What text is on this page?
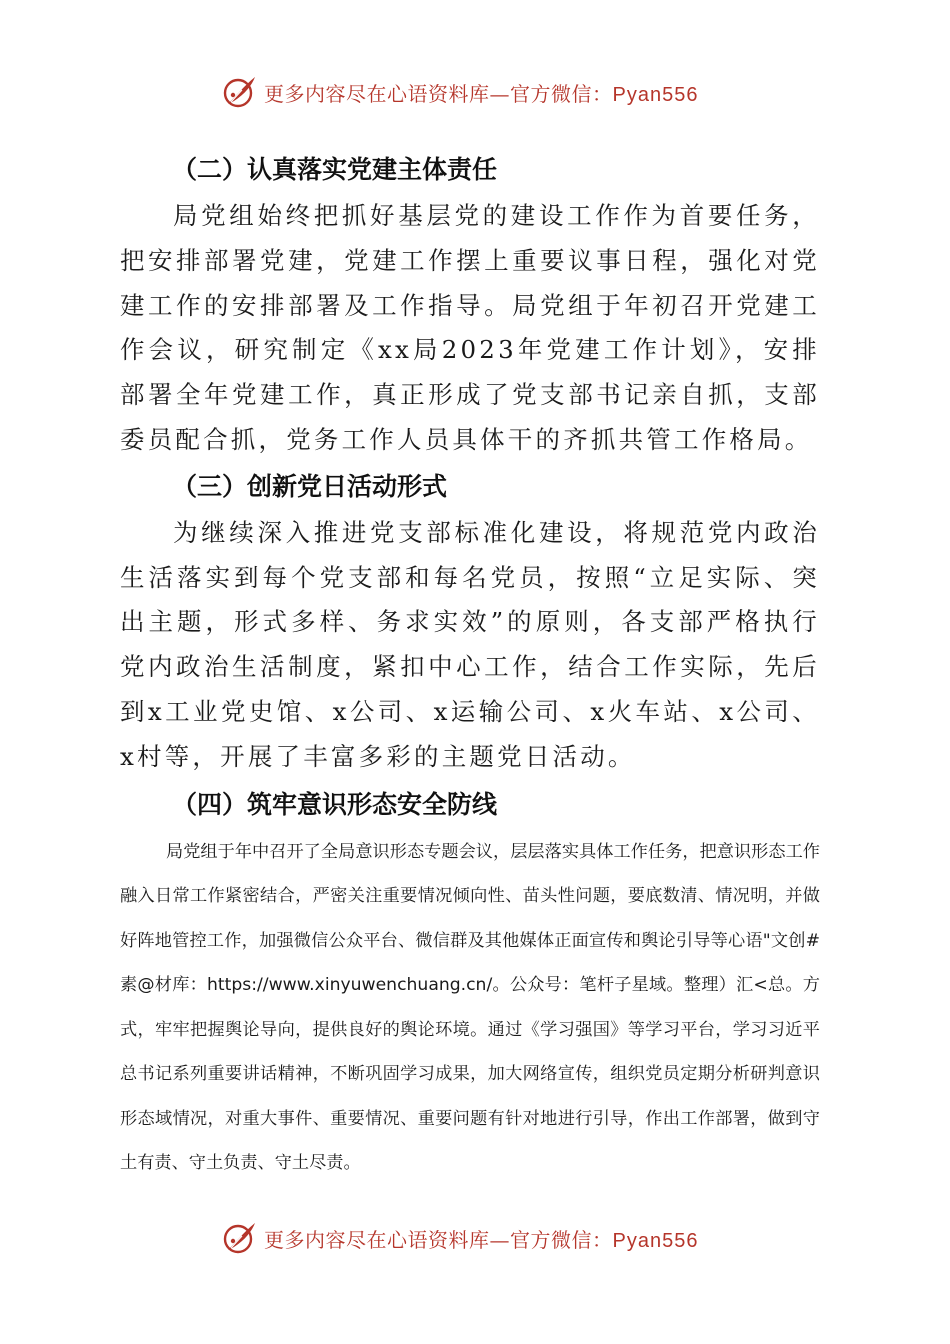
更多内容尽在心语资料库—官方微信：Pyan556
（二）认真落实党建主体责任

局党组始终把抓好基层党的建设工作作为首要任务，把安排部署党建，党建工作摆上重要议事日程，强化对党建工作的安排部署及工作指导。局党组于年初召开党建工作会议，研究制定《xx局2023年党建工作计划》，安排部署全年党建工作，真正形成了党支部书记亲自抓，支部委员配合抓，党务工作人员具体干的齐抓共管工作格局。

（三）创新党日活动形式

为继续深入推进党支部标准化建设，将规范党内政治生活落实到每个党支部和每名党员，按照“立足实际、突出主题，形式多样、务求实效”的原则，各支部严格执行党内政治生活制度，紧扣中心工作，结合工作实际，先后到x工业党史馆、x公司、x运输公司、x火车站、x公司、x村等，开展了丰富多彩的主题党日活动。

（四）筑牢意识形态安全防线

局党组于年中召开了全局意识形态专题会议，层层落实具体工作任务，把意识形态工作融入日常工作紧密结合，严密关注重要情况倾向性、苗头性问题，要底数清、情况明，并做好阵地管控工作，加强微信公众平台、微信群及其他媒体正面宣传和舆论引导等心语"文创#素@材库：https://www.xinyuwenchuang.cn/。公众号：笔杆子星域。整理）汇<总。方式，牢牢把握舆论导向，提供良好的舆论环境。通过《学习强国》等学习平台，学习习近平总书记系列重要讲话精神，不断巩固学习成果，加大网络宣传，组织党员定期分析研判意识形态域情况，对重大事件、重要情况、重要问题有针对地进行引导，作出工作部署，做到守土有责、守土负责、守土尽责。

更多内容尽在心语资料库—官方微信：Pyan556
